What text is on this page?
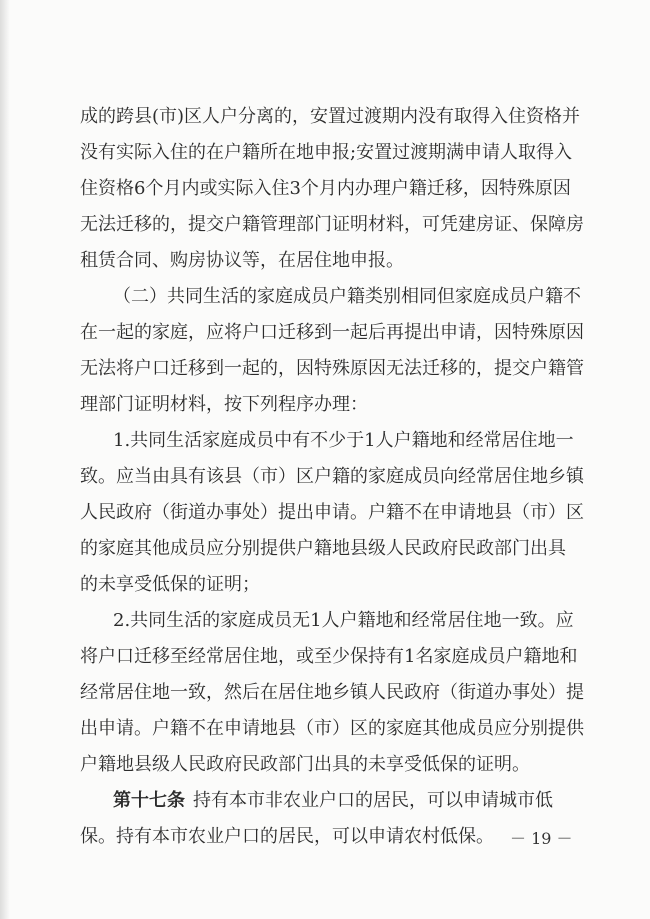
成的跨县(市)区人户分离的，安置过渡期内没有取得入住资格并
没有实际入住的在户籍所在地申报;安置过渡期满申请人取得入
住资格6个月内或实际入住3个月内办理户籍迁移，因特殊原因
无法迁移的，提交户籍管理部门证明材料，可凭建房证、保障房
租赁合同、购房协议等，在居住地申报。
（二）共同生活的家庭成员户籍类别相同但家庭成员户籍不
在一起的家庭，应将户口迁移到一起后再提出申请，因特殊原因
无法将户口迁移到一起的，因特殊原因无法迁移的，提交户籍管
理部门证明材料，按下列程序办理：
1.共同生活家庭成员中有不少于1人户籍地和经常居住地一
致。应当由具有该县（市）区户籍的家庭成员向经常居住地乡镇
人民政府（街道办事处）提出申请。户籍不在申请地县（市）区
的家庭其他成员应分别提供户籍地县级人民政府民政部门出具
的未享受低保的证明；
2.共同生活的家庭成员无1人户籍地和经常居住地一致。应
将户口迁移至经常居住地，或至少保持有1名家庭成员户籍地和
经常居住地一致，然后在居住地乡镇人民政府（街道办事处）提
出申请。户籍不在申请地县（市）区的家庭其他成员应分别提供
户籍地县级人民政府民政部门出具的未享受低保的证明。
第十七条 持有本市非农业户口的居民，可以申请城市低
保。持有本市农业户口的居民，可以申请农村低保。	－ 19 －
